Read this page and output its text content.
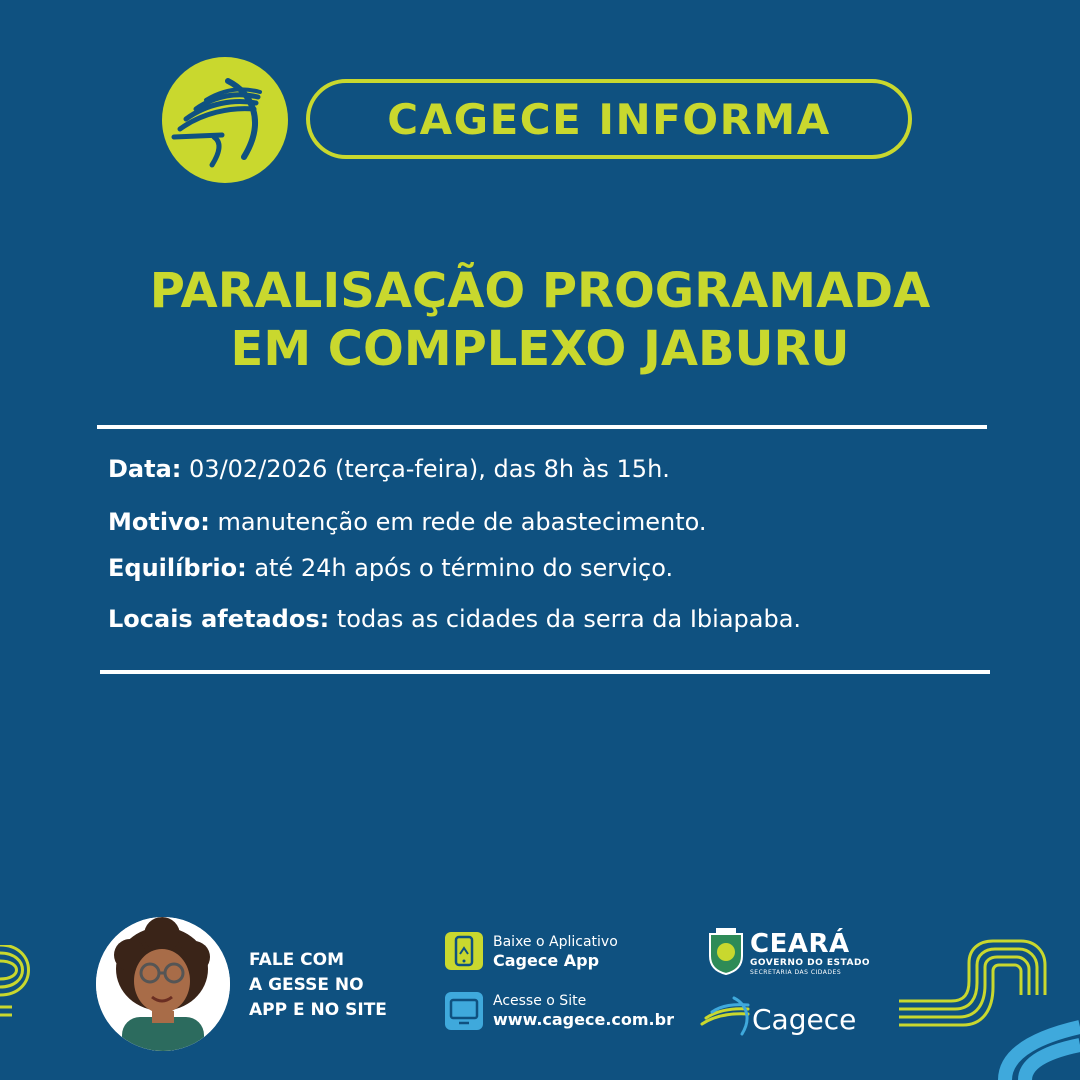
CAGECE INFORMA
PARALISAÇÃO PROGRAMADA
EM COMPLEXO JABURU
Data: 03/02/2026 (terça-feira), das 8h às 15h.
Motivo: manutenção em rede de abastecimento.
Equilíbrio: até 24h após o término do serviço.
Locais afetados: todas as cidades da serra da Ibiapaba.
FALE COM
A GESSE NO
APP E NO SITE
Baixe o Aplicativo
Cagece App
Acesse o Site
www.cagece.com.br
CEARÁ
GOVERNO DO ESTADO
SECRETARIA DAS CIDADES
Cagece
